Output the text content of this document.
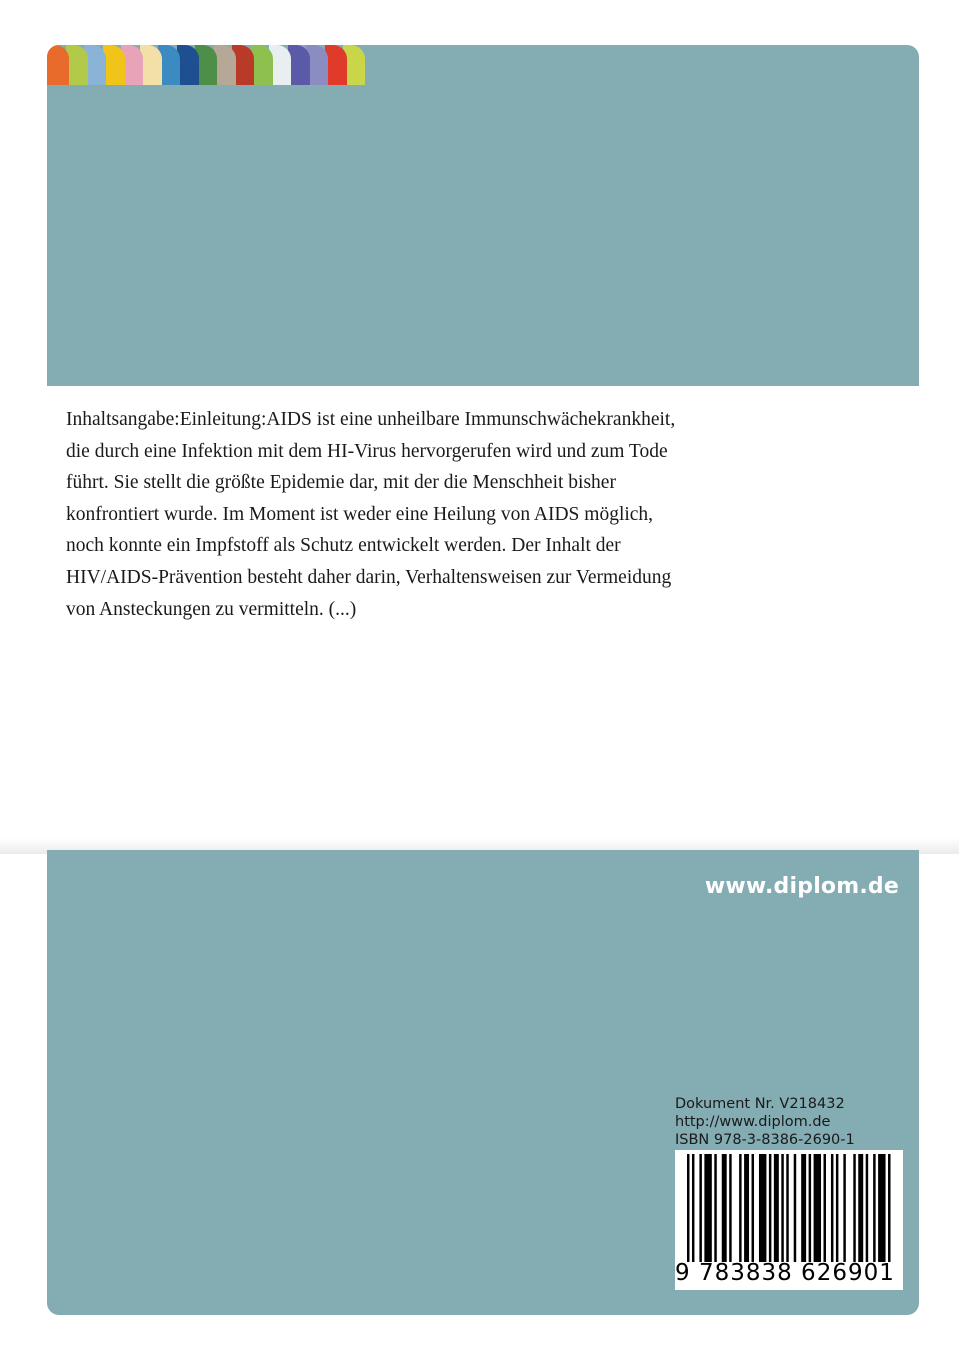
Inhaltsangabe:Einleitung:AIDS ist eine unheilbare Immunschwächekrankheit,
die durch eine Infektion mit dem HI-Virus hervorgerufen wird und zum Tode
führt. Sie stellt die größte Epidemie dar, mit der die Menschheit bisher
konfrontiert wurde. Im Moment ist weder eine Heilung von AIDS möglich,
noch konnte ein Impfstoff als Schutz entwickelt werden. Der Inhalt der
HIV/AIDS-Prävention besteht daher darin, Verhaltensweisen zur Vermeidung
von Ansteckungen zu vermitteln. (...)
www.diplom.de
Dokument Nr. V218432
http://www.diplom.de
ISBN 978-3-8386-2690-1
9 783838 626901
